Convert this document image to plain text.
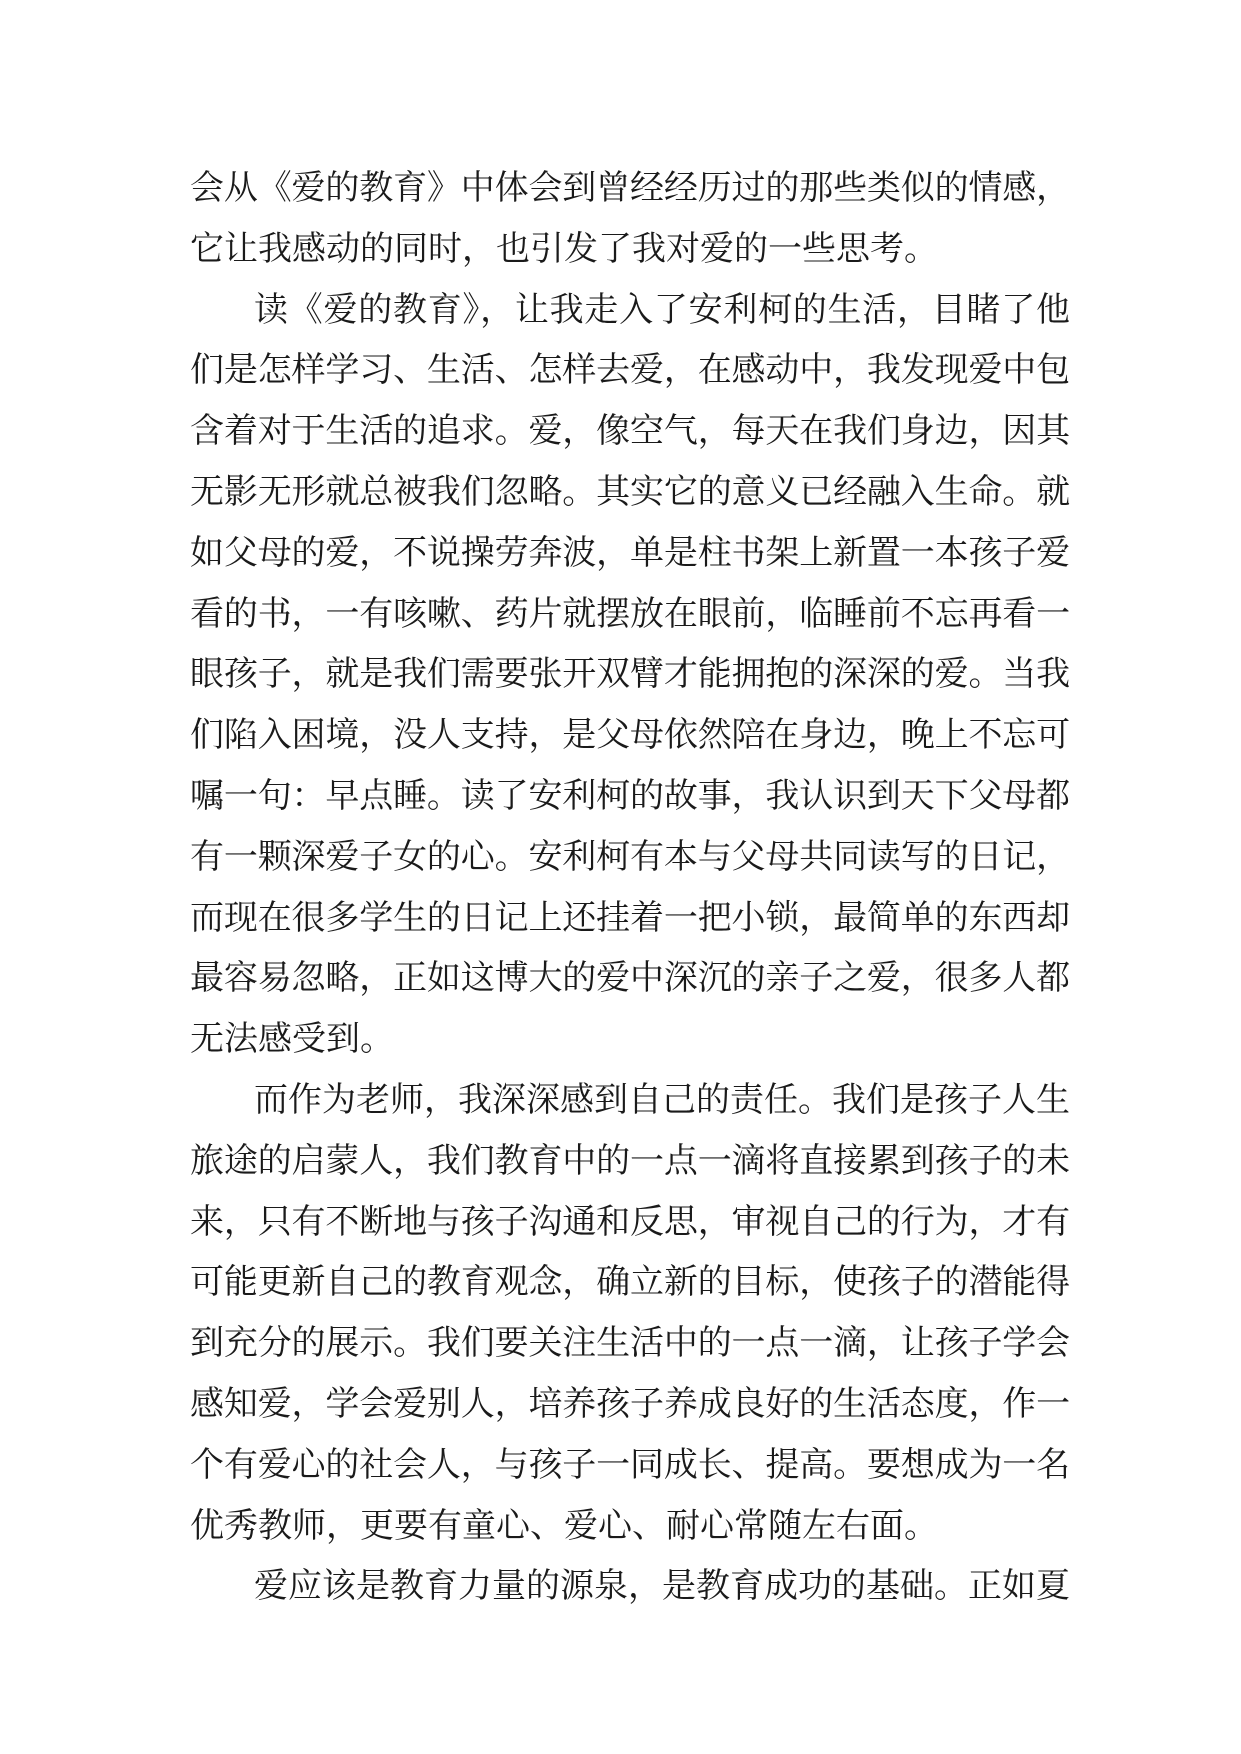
会从《爱的教育》中体会到曾经经历过的那些类似的情感，
它让我感动的同时，也引发了我对爱的一些思考。
读《爱的教育》，让我走入了安利柯的生活，目睹了他
们是怎样学习、生活、怎样去爱，在感动中，我发现爱中包
含着对于生活的追求。爱，像空气，每天在我们身边，因其
无影无形就总被我们忽略。其实它的意义已经融入生命。就
如父母的爱，不说操劳奔波，单是柱书架上新置一本孩子爱
看的书，一有咳嗽、药片就摆放在眼前，临睡前不忘再看一
眼孩子，就是我们需要张开双臂才能拥抱的深深的爱。当我
们陷入困境，没人支持，是父母依然陪在身边，晚上不忘可
嘱一句：早点睡。读了安利柯的故事，我认识到天下父母都
有一颗深爱子女的心。安利柯有本与父母共同读写的日记，
而现在很多学生的日记上还挂着一把小锁，最简单的东西却
最容易忽略，正如这博大的爱中深沉的亲子之爱，很多人都
无法感受到。
而作为老师，我深深感到自己的责任。我们是孩子人生
旅途的启蒙人，我们教育中的一点一滴将直接累到孩子的未
来，只有不断地与孩子沟通和反思，审视自己的行为，才有
可能更新自己的教育观念，确立新的目标，使孩子的潜能得
到充分的展示。我们要关注生活中的一点一滴，让孩子学会
感知爱，学会爱别人，培养孩子养成良好的生活态度，作一
个有爱心的社会人，与孩子一同成长、提高。要想成为一名
优秀教师，更要有童心、爱心、耐心常随左右面。
爱应该是教育力量的源泉，是教育成功的基础。正如夏
